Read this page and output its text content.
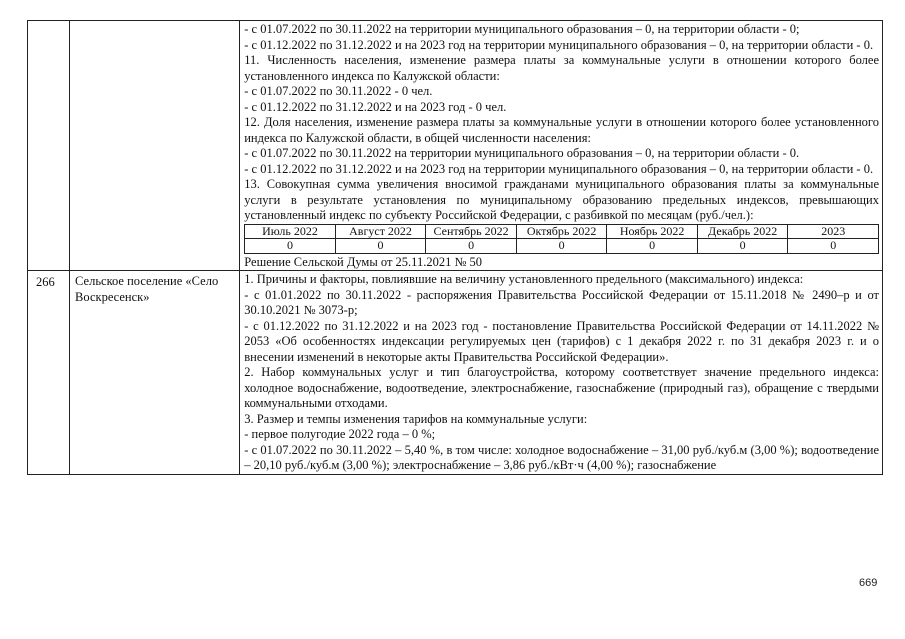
- с 01.07.2022 по 30.11.2022 на территории муниципального образования – 0, на территории области - 0;
- с 01.12.2022 по 31.12.2022 и на 2023 год на территории муниципального образования – 0, на территории области - 0.
11. Численность населения, изменение размера платы за коммунальные услуги в отношении которого более установленного индекса по Калужской области:
- с 01.07.2022 по 30.11.2022 - 0 чел.
- с 01.12.2022 по 31.12.2022 и на 2023 год - 0 чел.
12. Доля населения, изменение размера платы за коммунальные услуги в отношении которого более установленного индекса по Калужской области, в общей численности населения:
- с 01.07.2022 по 30.11.2022 на территории муниципального образования – 0, на территории области - 0.
- с 01.12.2022 по 31.12.2022 и на 2023 год на территории муниципального образования – 0, на территории области - 0.
13. Совокупная сумма увеличения вносимой гражданами муниципального образования платы за коммунальные услуги в результате установления по муниципальному образованию предельных индексов, превышающих установленный индекс по субъекту Российской Федерации, с разбивкой по месяцам (руб./чел.):
Июль 2022	Август 2022	Сентябрь 2022	Октябрь 2022	Ноябрь 2022	Декабрь 2022	2023
0	0	0	0	0	0	0
Решение Сельской Думы от 25.11.2021 № 50

266	Сельское поселение «Село Воскресенск»	
1. Причины и факторы, повлиявшие на величину установленного предельного (максимального) индекса:
- с 01.01.2022 по 30.11.2022 - распоряжения Правительства Российской Федерации от 15.11.2018 № 2490–р и от 30.10.2021 № 3073-р;
- с 01.12.2022 по 31.12.2022 и на 2023 год - постановление Правительства Российской Федерации от 14.11.2022 № 2053 «Об особенностях индексации регулируемых цен (тарифов) с 1 декабря 2022 г. по 31 декабря 2023 г. и о внесении изменений в некоторые акты Правительства Российской Федерации».
2. Набор коммунальных услуг и тип благоустройства, которому соответствует значение предельного индекса: холодное водоснабжение, водоотведение, электроснабжение, газоснабжение (природный газ), обращение с твердыми коммунальными отходами.
3. Размер и темпы изменения тарифов на коммунальные услуги:
- первое полугодие 2022 года – 0 %;
- с 01.07.2022 по 30.11.2022 – 5,40 %, в том числе: холодное водоснабжение – 31,00 руб./куб.м (3,00 %); водоотведение – 20,10 руб./куб.м (3,00 %); электроснабжение – 3,86 руб./кВт·ч (4,00 %); газоснабжение
669
